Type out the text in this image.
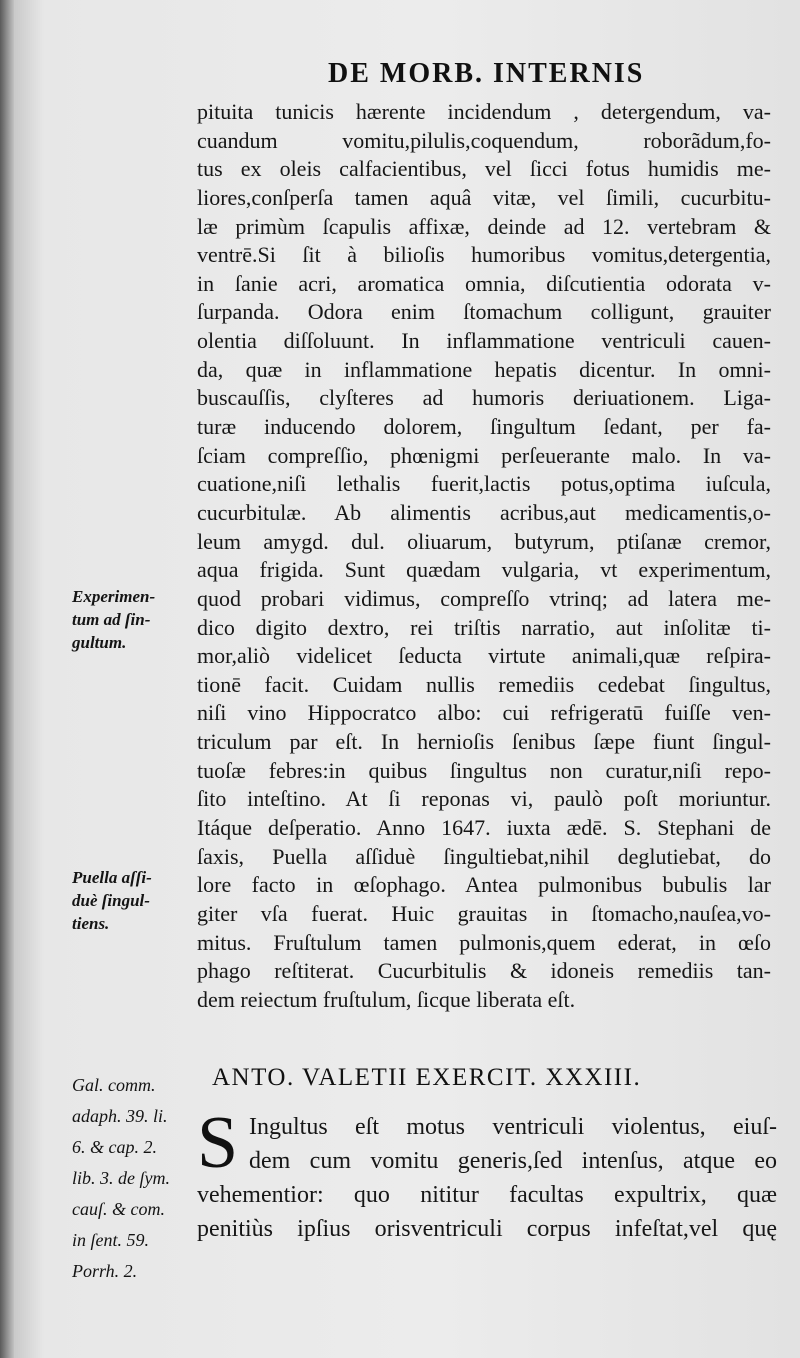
DE MORB. INTERNIS
pituita tunicis hærente incidendum , detergendum, va-
cuandum vomitu,pilulis,coquendum, roborãdum,fo-
tus ex oleis calfacientibus, vel ſicci fotus humidis me-
liores,conſperſa tamen aquâ vitæ, vel ſimili, cucurbitu-
læ primùm ſcapulis affixæ, deinde ad 12. vertebram &
ventrē.Si ſit à bilioſis humoribus vomitus,detergentia,
in ſanie acri, aromatica omnia, diſcutientia odorata v-
ſurpanda. Odora enim ſtomachum colligunt, grauiter
olentia diſſoluunt. In inflammatione ventriculi cauen-
da, quæ in inflammatione hepatis dicentur. In omni-
buscauſſis, clyſteres ad humoris deriuationem. Liga-
turæ inducendo dolorem, ſingultum ſedant, per fa-
ſciam compreſſio, phœnigmi perſeuerante malo. In va-
cuatione,niſi lethalis fuerit,lactis potus,optima iuſcula,
cucurbitulæ. Ab alimentis acribus,aut medicamentis,o-
leum amygd. dul. oliuarum, butyrum, ptiſanæ cremor,
aqua frigida. Sunt quædam vulgaria, vt experimentum,
quod probari vidimus, compreſſo vtrinq; ad latera me-
dico digito dextro, rei triſtis narratio, aut inſolitæ ti-
mor,aliò videlicet ſeducta virtute animali,quæ reſpira-
tionē facit. Cuidam nullis remediis cedebat ſingultus,
niſi vino Hippocratco albo: cui refrigeratū fuiſſe ven-
triculum par eſt. In hernioſis ſenibus ſæpe fiunt ſingul-
tuoſæ febres:in quibus ſingultus non curatur,niſi repo-
ſito inteſtino. At ſi reponas vi, paulò poſt moriuntur.
Itáque deſperatio. Anno 1647. iuxta ædē. S. Stephani de
ſaxis, Puella aſſiduè ſingultiebat,nihil deglutiebat, do
lore facto in œſophago. Antea pulmonibus bubulis lar
giter vſa fuerat. Huic grauitas in ſtomacho,nauſea,vo-
mitus. Fruſtulum tamen pulmonis,quem ederat, in œſo
phago reſtiterat. Cucurbitulis & idoneis remediis tan-
dem reiectum fruſtulum, ſicque liberata eſt.
Experimen-
tum ad ſin-
gultum.
Puella aſſi-
duè ſingul-
tiens.
ANTO. VALETII EXERCIT. XXXIII.
S Ingultus eſt motus ventriculi violentus, eiuſ-
dem cum vomitu generis,ſed intenſus, atque eo
vehementior: quo nititur facultas expultrix, quæ
penitiùs ipſius orisventriculi corpus infeſtat,vel quę
Gal. comm.
adaph. 39. li.
6. & cap. 2.
lib. 3. de ſym.
cauſ. & com.
in ſent. 59.
Porrh. 2.
